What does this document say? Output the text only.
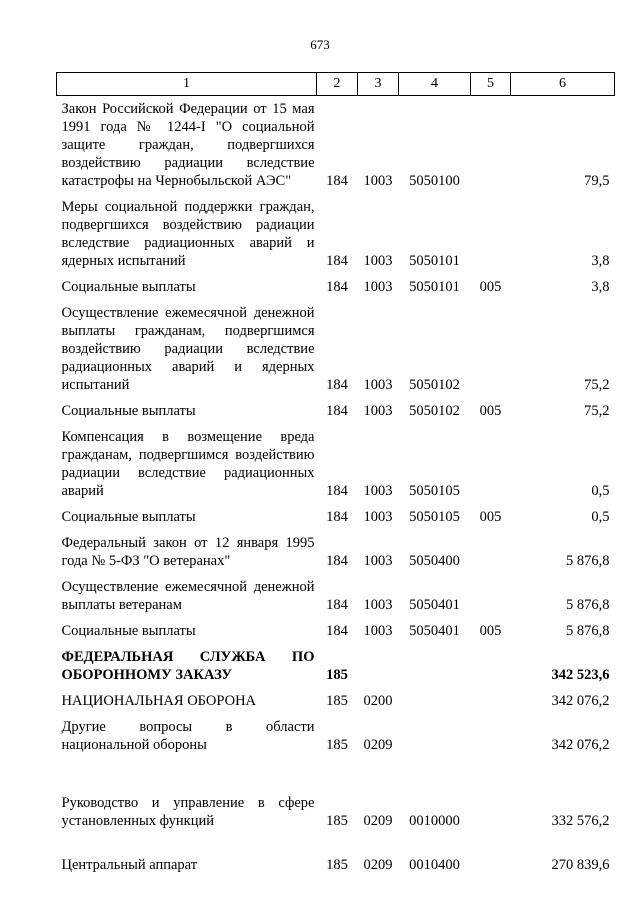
673
1	2	3	4	5	6
Закон Российской Федерации от 15 мая 1991 года № 1244-I "О социальной защите граждан, подвергшихся воздействию радиации вследствие катастрофы на Чернобыльской АЭС"	184	1003	5050100		79,5
Меры социальной поддержки граждан, подвергшихся воздействию радиации вследствие радиационных аварий и ядерных испытаний	184	1003	5050101		3,8
Социальные выплаты	184	1003	5050101	005	3,8
Осуществление ежемесячной денежной выплаты гражданам, подвергшимся воздействию радиации вследствие радиационных аварий и ядерных испытаний	184	1003	5050102		75,2
Социальные выплаты	184	1003	5050102	005	75,2
Компенсация в возмещение вреда гражданам, подвергшимся воздействию радиации вследствие радиационных аварий	184	1003	5050105		0,5
Социальные выплаты	184	1003	5050105	005	0,5
Федеральный закон от 12 января 1995 года № 5-ФЗ "О ветеранах"	184	1003	5050400		5 876,8
Осуществление ежемесячной денежной выплаты ветеранам	184	1003	5050401		5 876,8
Социальные выплаты	184	1003	5050401	005	5 876,8
ФЕДЕРАЛЬНАЯ СЛУЖБА ПО ОБОРОННОМУ ЗАКАЗУ	185				342 523,6
НАЦИОНАЛЬНАЯ ОБОРОНА	185	0200			342 076,2
Другие вопросы в области национальной обороны	185	0209			342 076,2
Руководство и управление в сфере установленных функций	185	0209	0010000		332 576,2
Центральный аппарат	185	0209	0010400		270 839,6
